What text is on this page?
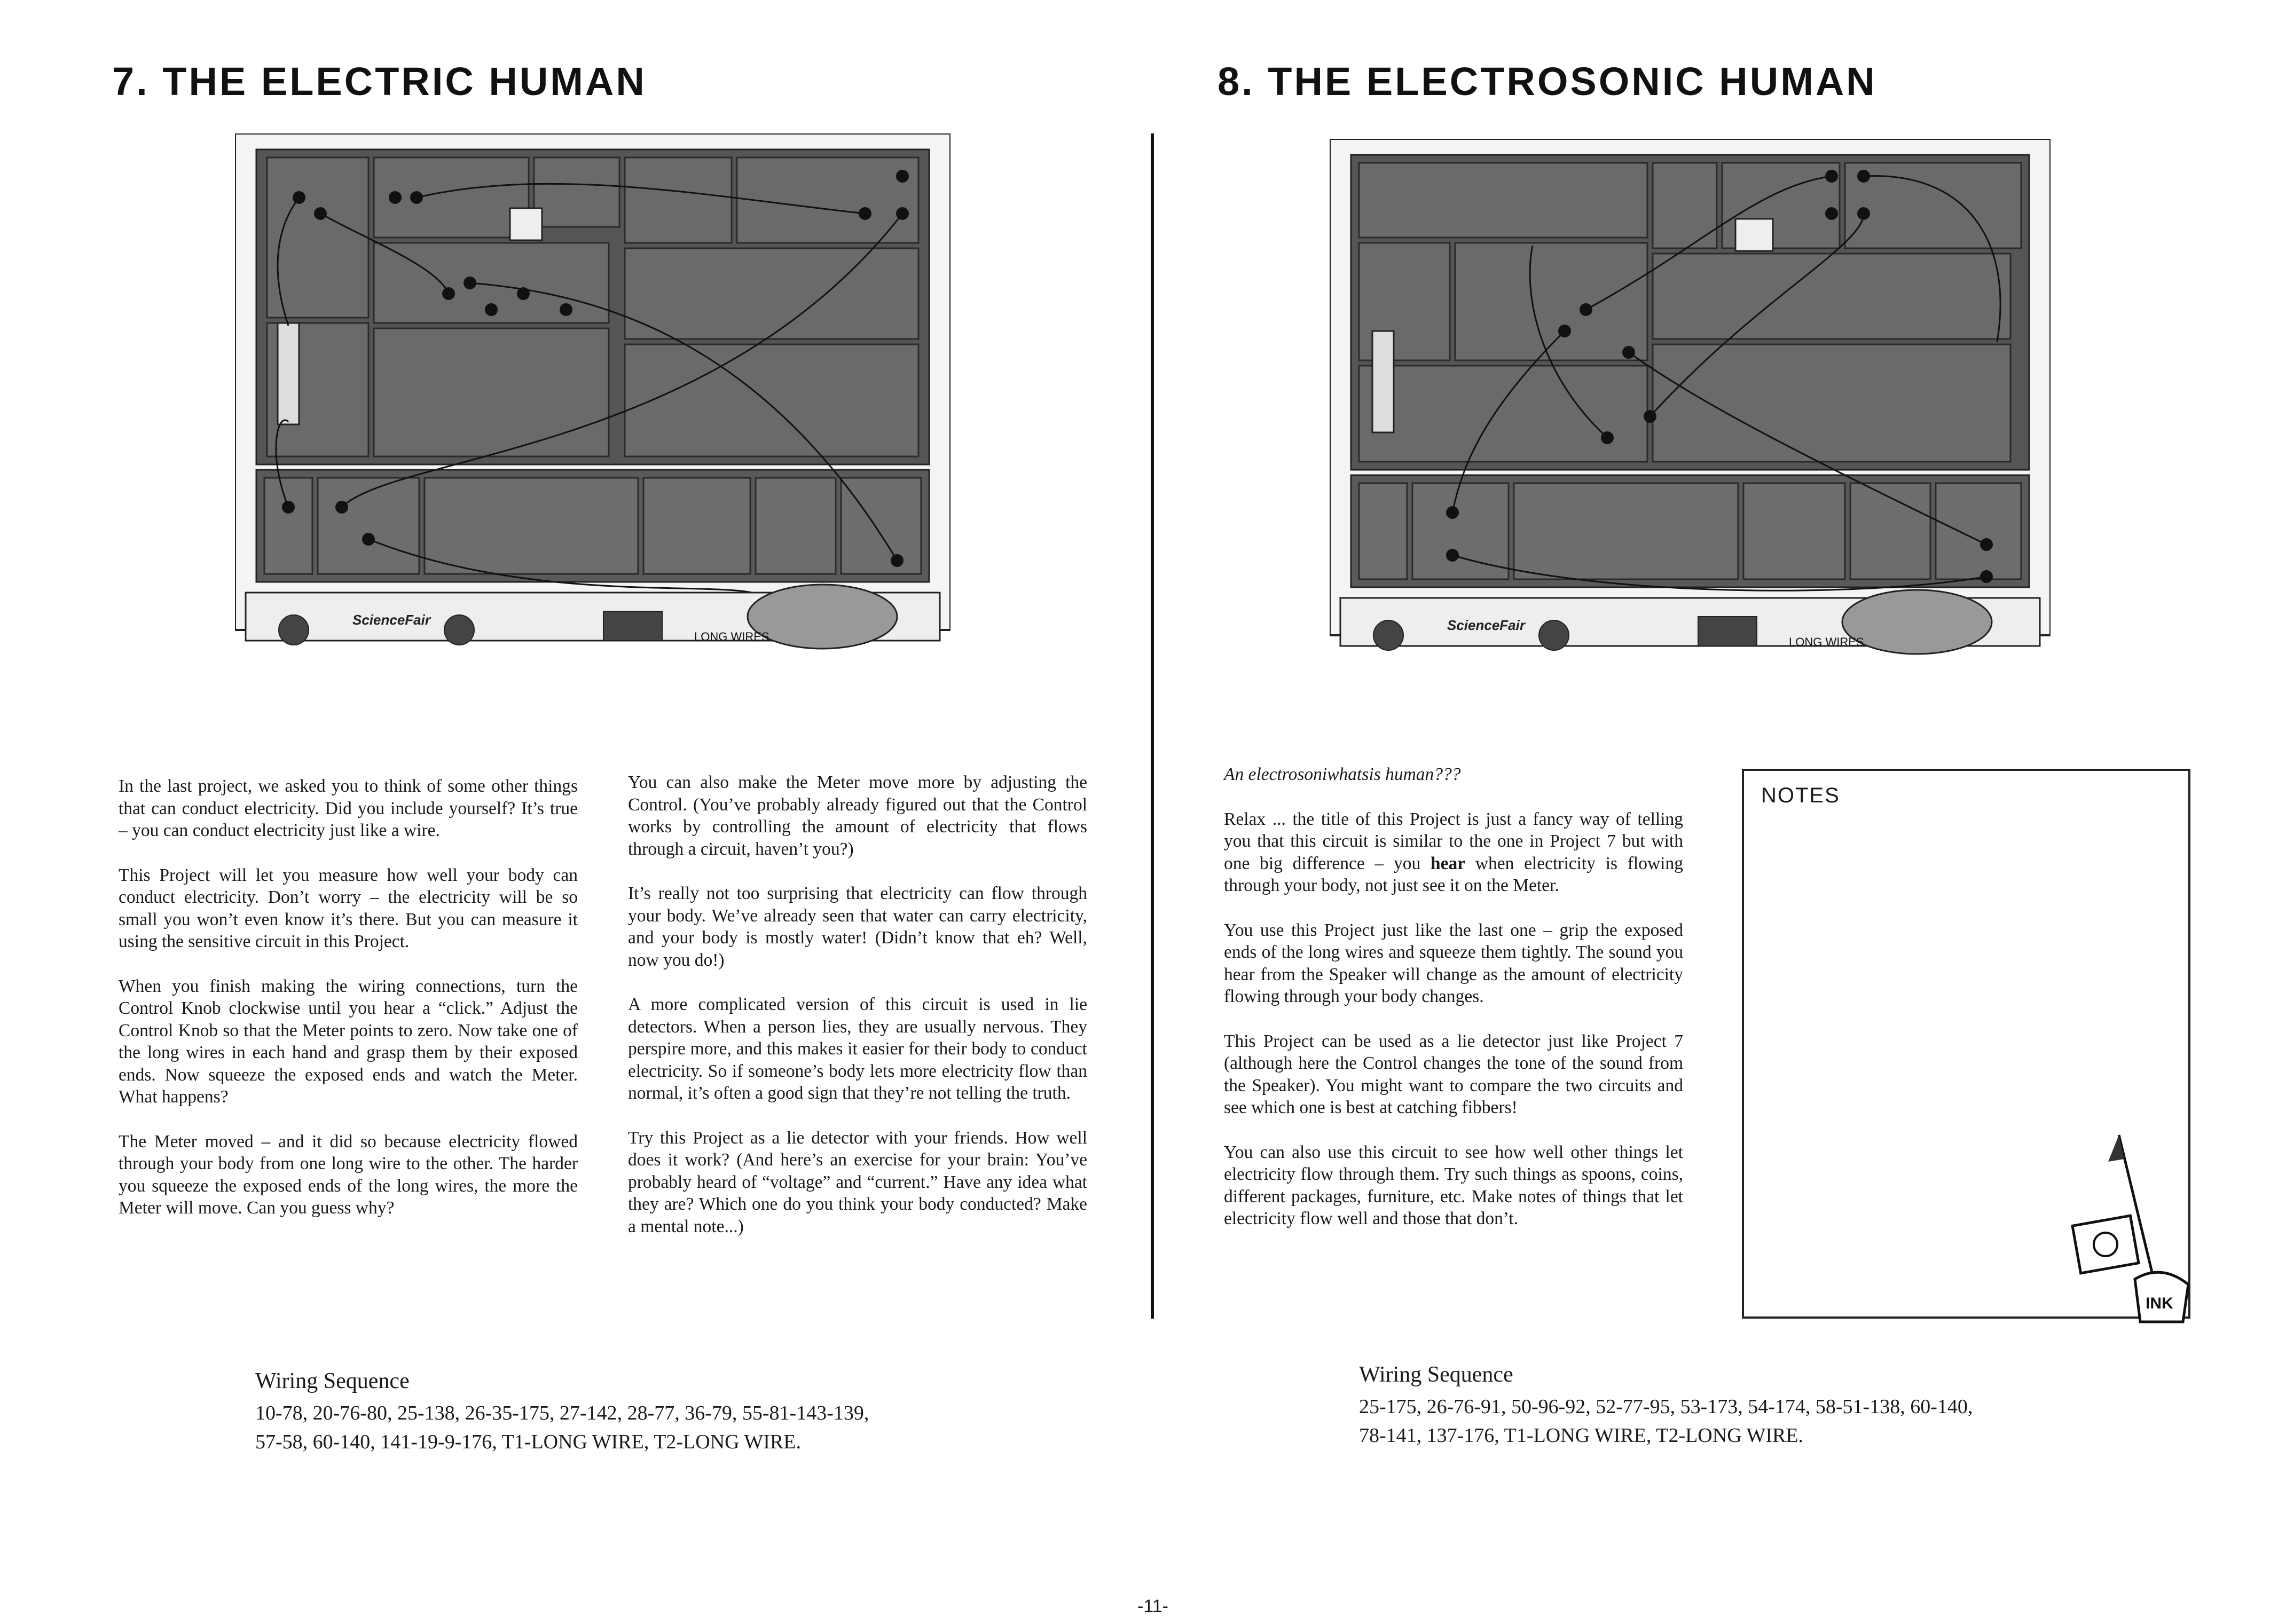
7. THE ELECTRIC HUMAN
ScienceFair
LONG WIRES

In the last project, we asked you to think of some other things that can conduct electricity. Did you include yourself? It’s true – you can conduct electricity just like a wire.

This Project will let you measure how well your body can conduct electricity. Don’t worry – the electricity will be so small you won’t even know it’s there. But you can measure it using the sensitive circuit in this Project.

When you finish making the wiring connections, turn the Control Knob clockwise until you hear a “click.” Adjust the Control Knob so that the Meter points to zero. Now take one of the long wires in each hand and grasp them by their exposed ends. Now squeeze the exposed ends and watch the Meter. What happens?

The Meter moved – and it did so because electricity flowed through your body from one long wire to the other. The harder you squeeze the exposed ends of the long wires, the more the Meter will move. Can you guess why?

You can also make the Meter move more by adjusting the Control. (You’ve probably already figured out that the Control works by controlling the amount of electricity that flows through a circuit, haven’t you?)

It’s really not too surprising that electricity can flow through your body. We’ve already seen that water can carry electricity, and your body is mostly water! (Didn’t know that eh? Well, now you do!)

A more complicated version of this circuit is used in lie detectors. When a person lies, they are usually nervous. They perspire more, and this makes it easier for their body to conduct electricity. So if someone’s body lets more electricity flow than normal, it’s often a good sign that they’re not telling the truth.

Try this Project as a lie detector with your friends. How well does it work? (And here’s an exercise for your brain: You’ve probably heard of “voltage” and “current.” Have any idea what they are? Which one do you think your body conducted? Make a mental note...)

Wiring Sequence
10-78, 20-76-80, 25-138, 26-35-175, 27-142, 28-77, 36-79, 55-81-143-139,
57-58, 60-140, 141-19-9-176, T1-LONG WIRE, T2-LONG WIRE.
8. THE ELECTROSONIC HUMAN
ScienceFair
LONG WIRES

An electrosoniwhatsis human???

Relax ... the title of this Project is just a fancy way of telling you that this circuit is similar to the one in Project 7 but with one big difference – you hear when electricity is flowing through your body, not just see it on the Meter.

You use this Project just like the last one – grip the exposed ends of the long wires and squeeze them tightly. The sound you hear from the Speaker will change as the amount of electricity flowing through your body changes.

This Project can be used as a lie detector just like Project 7 (although here the Control changes the tone of the sound from the Speaker). You might want to compare the two circuits and see which one is best at catching fibbers!

You can also use this circuit to see how well other things let electricity flow through them. Try such things as spoons, coins, different packages, furniture, etc. Make notes of things that let electricity flow well and those that don’t.

NOTES
INK
Wiring Sequence
25-175, 26-76-91, 50-96-92, 52-77-95, 53-173, 54-174, 58-51-138, 60-140,
78-141, 137-176, T1-LONG WIRE, T2-LONG WIRE.
-11-
